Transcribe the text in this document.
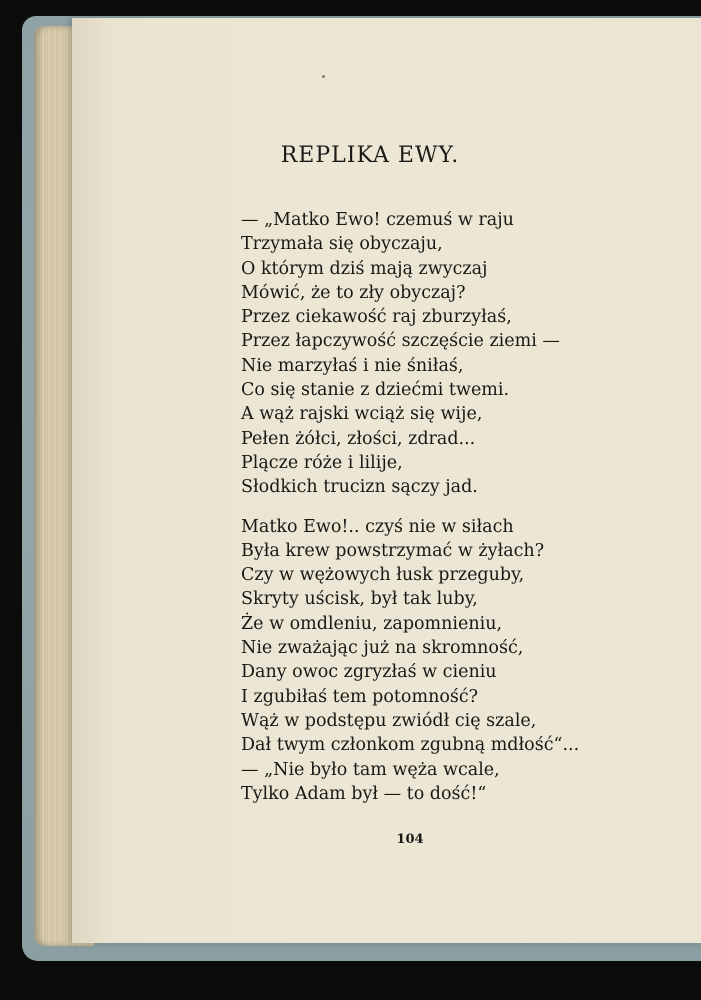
REPLIKA EWY.
— „Matko Ewo! czemuś w raju
Trzymała się obyczaju,
O którym dziś mają zwyczaj
Mówić, że to zły obyczaj?
Przez ciekawość raj zburzyłaś,
Przez łapczywość szczęście ziemi —
Nie marzyłaś i nie śniłaś,
Co się stanie z dziećmi twemi.
A wąż rajski wciąż się wije,
Pełen żółci, złości, zdrad...
Plącze róże i lilije,
Słodkich trucizn sączy jad.
Matko Ewo!.. czyś nie w siłach
Była krew powstrzymać w żyłach?
Czy w wężowych łusk przeguby,
Skryty uścisk, był tak luby,
Że w omdleniu, zapomnieniu,
Nie zważając już na skromność,
Dany owoc zgryzłaś w cieniu
I zgubiłaś tem potomność?
Wąż w podstępu zwiódł cię szale,
Dał twym członkom zgubną mdłość“...
— „Nie było tam węża wcale,
Tylko Adam był — to dość!“
104
